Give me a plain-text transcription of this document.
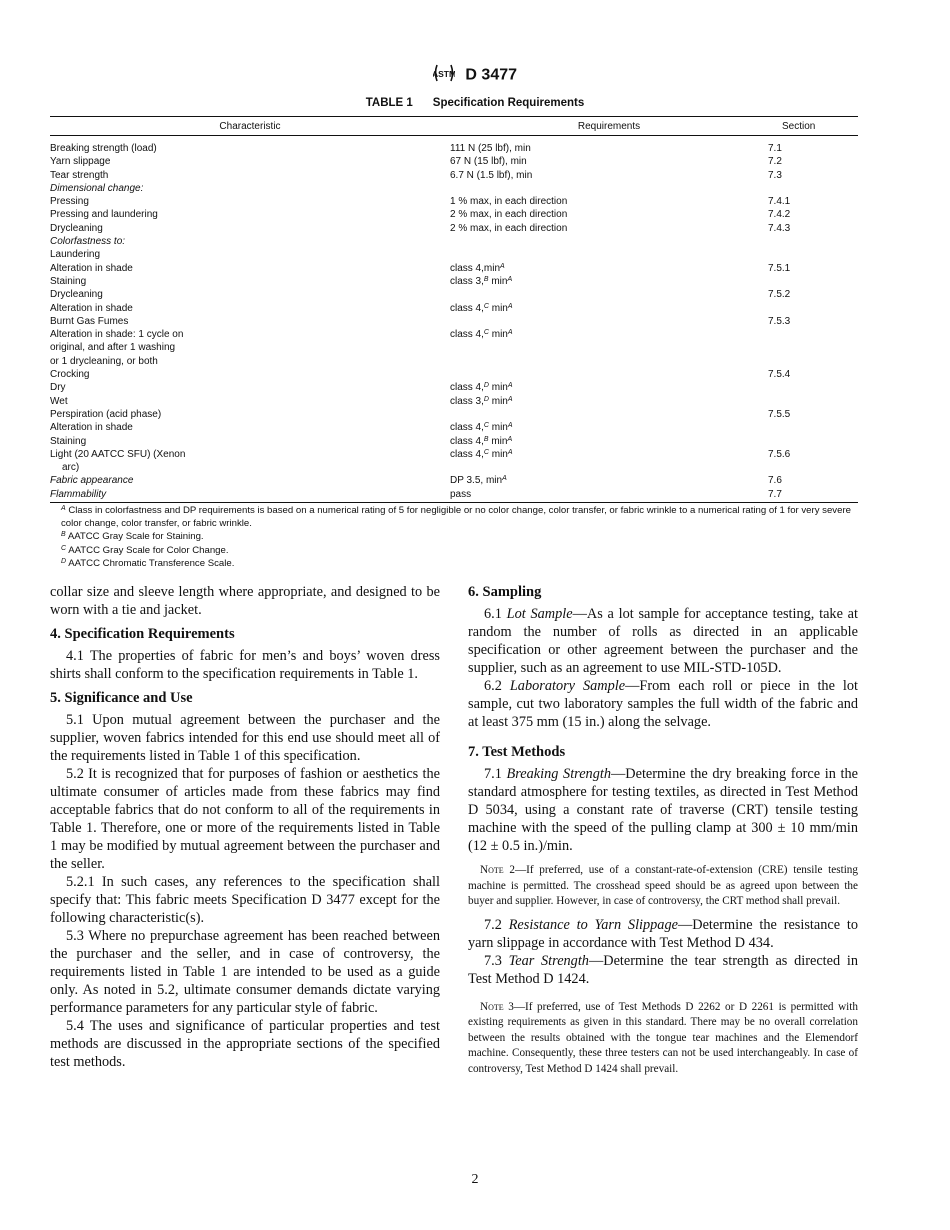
ASTM D 3477
TABLE 1 Specification Requirements
Characteristic	Requirements	Section
Breaking strength (load)	111 N (25 lbf), min	7.1
Yarn slippage	67 N (15 lbf), min	7.2
Tear strength	6.7 N (1.5 lbf), min	7.3
Dimensional change:		
Pressing	1 % max, in each direction	7.4.1
Pressing and laundering	2 % max, in each direction	7.4.2
Drycleaning	2 % max, in each direction	7.4.3
Colorfastness to:		
Laundering		
Alteration in shade	class $4,\min^A$	7.5.1
Staining	class 3,$^B$ $\min^A$	
Drycleaning		7.5.2
Alteration in shade	class 4,$^C$ $\min^A$	
Burnt Gas Fumes		7.5.3

Alteration in shade: 1 cycle on
original, and after 1 washing
or 1 drycleaning, or both	class 4,$^C$ $\min^A$	
Crocking		7.5.4
Dry	class 4,$^D$ $\min^A$	
Wet	class 3,$^D$ $\min^A$	
Perspiration (acid phase)		7.5.5
Alteration in shade	class 4,$^C$ $\min^A$	
Staining	class 4,$^B$ $\min^A$	

Light (20 AATCC SFU) (Xenon
arc)	class 4,$^C$ $\min^A$	7.5.6
Fabric appearance	DP 3.5, $\min^A$	7.6
Flammability	pass	7.7
$^A$ Class in colorfastness and DP requirements is based on a numerical rating of 5 for negligible or no color change, color transfer, or fabric wrinkle to a numerical rating of 1 for very severe color change, color transfer, or fabric wrinkle.
$^B$ AATCC Gray Scale for Staining.
$^C$ AATCC Gray Scale for Color Change.
$^D$ AATCC Chromatic Transference Scale.

collar size and sleeve length where appropriate, and designed to be worn with a tie and jacket.

4. Specification Requirements

4.1 The properties of fabric for men’s and boys’ woven dress shirts shall conform to the specification requirements in Table 1.

5. Significance and Use

5.1 Upon mutual agreement between the purchaser and the supplier, woven fabrics intended for this end use should meet all of the requirements listed in Table 1 of this specification.

5.2 It is recognized that for purposes of fashion or aesthetics the ultimate consumer of articles made from these fabrics may find acceptable fabrics that do not conform to all of the requirements in Table 1. Therefore, one or more of the requirements listed in Table 1 may be modified by mutual agreement between the purchaser and the seller.

5.2.1 In such cases, any references to the specification shall specify that: This fabric meets Specification D 3477 except for the following characteristic(s).

5.3 Where no prepurchase agreement has been reached between the purchaser and the seller, and in case of controversy, the requirements listed in Table 1 are intended to be used as a guide only. As noted in 5.2, ultimate consumer demands dictate varying performance parameters for any particular style of fabric.

5.4 The uses and significance of particular properties and test methods are discussed in the appropriate sections of the specified test methods.

6. Sampling

6.1 Lot Sample—As a lot sample for acceptance testing, take at random the number of rolls as directed in an applicable specification or other agreement between the purchaser and the supplier, such as an agreement to use MIL-STD-105D.

6.2 Laboratory Sample—From each roll or piece in the lot sample, cut two laboratory samples the full width of the fabric and at least 375 mm (15 in.) along the selvage.

7. Test Methods

7.1 Breaking Strength—Determine the dry breaking force in the standard atmosphere for testing textiles, as directed in Test Method D 5034, using a constant rate of traverse (CRT) tensile testing machine with the speed of the pulling clamp at 300 ± 10 mm/min (12 ± 0.5 in.)/min.

Note 2—If preferred, use of a constant-rate-of-extension (CRE) tensile testing machine is permitted. The crosshead speed should be as agreed upon between the buyer and supplier. However, in case of controversy, the CRT method shall prevail.

7.2 Resistance to Yarn Slippage—Determine the resistance to yarn slippage in accordance with Test Method D 434.

7.3 Tear Strength—Determine the tear strength as directed in Test Method D 1424.

Note 3—If preferred, use of Test Methods D 2262 or D 2261 is permitted with existing requirements as given in this standard. There may be no overall correlation between the results obtained with the tongue tear machines and the Elemendorf machine. Consequently, these three testers can not be used interchangeably. In case of controversy, Test Method D 1424 shall prevail.

2
